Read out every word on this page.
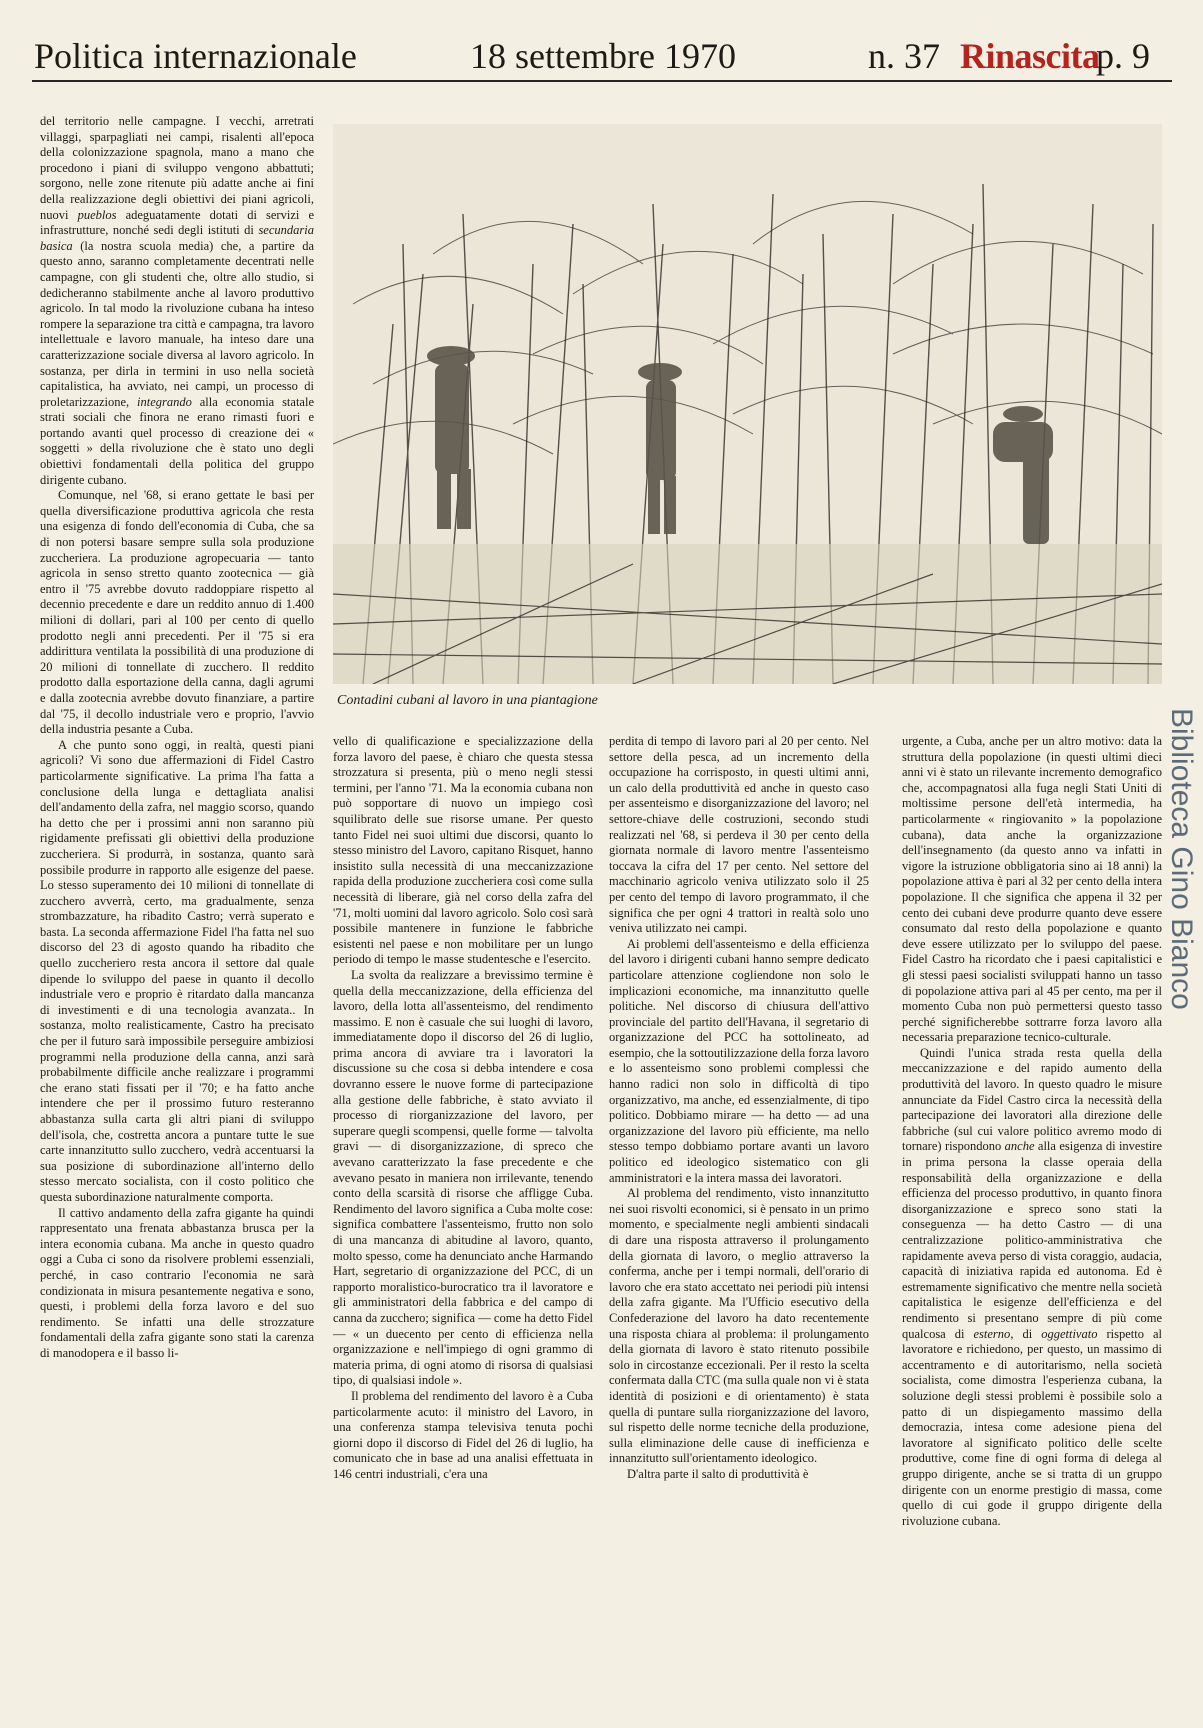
Politica internazionale	18 settembre 1970	n. 37 Rinascita
p. 9

del territorio nelle campagne. I vecchi, arretrati villaggi, sparpagliati nei campi, risalenti all'epoca della colonizzazione spagnola, mano a mano che procedono i piani di sviluppo vengono abbattuti; sorgono, nelle zone ritenute più adatte anche ai fini della realizzazione degli obiettivi dei piani agricoli, nuovi pueblos adeguatamente dotati di servizi e infrastrutture, nonché sedi degli istituti di secundaria basica (la nostra scuola media) che, a partire da questo anno, saranno completamente decentrati nelle campagne, con gli studenti che, oltre allo studio, si dedicheranno stabilmente anche al lavoro produttivo agricolo. In tal modo la rivoluzione cubana ha inteso rompere la separazione tra città e campagna, tra lavoro intellettuale e lavoro manuale, ha inteso dare una caratterizzazione sociale diversa al lavoro agricolo. In sostanza, per dirla in termini in uso nella società capitalistica, ha avviato, nei campi, un processo di proletarizzazione, integrando alla economia statale strati sociali che finora ne erano rimasti fuori e portando avanti quel processo di creazione dei « soggetti » della rivoluzione che è stato uno degli obiettivi fondamentali della politica del gruppo dirigente cubano.

Comunque, nel '68, si erano gettate le basi per quella diversificazione produttiva agricola che resta una esigenza di fondo dell'economia di Cuba, che sa di non potersi basare sempre sulla sola produzione zuccheriera. La produzione agropecuaria — tanto agricola in senso stretto quanto zootecnica — già entro il '75 avrebbe dovuto raddoppiare rispetto al decennio precedente e dare un reddito annuo di 1.400 milioni di dollari, pari al 100 per cento di quello prodotto negli anni precedenti. Per il '75 si era addirittura ventilata la possibilità di una produzione di 20 milioni di tonnellate di zucchero. Il reddito prodotto dalla esportazione della canna, dagli agrumi e dalla zootecnia avrebbe dovuto finanziare, a partire dal '75, il decollo industriale vero e proprio, l'avvio della industria pesante a Cuba.

A che punto sono oggi, in realtà, questi piani agricoli? Vi sono due affermazioni di Fidel Castro particolarmente significative. La prima l'ha fatta a conclusione della lunga e dettagliata analisi dell'andamento della zafra, nel maggio scorso, quando ha detto che per i prossimi anni non saranno più rigidamente prefissati gli obiettivi della produzione zuccheriera. Si produrrà, in sostanza, quanto sarà possibile produrre in rapporto alle esigenze del paese. Lo stesso superamento dei 10 milioni di tonnellate di zucchero avverrà, certo, ma gradualmente, senza strombazzature, ha ribadito Castro; verrà superato e basta. La seconda affermazione Fidel l'ha fatta nel suo discorso del 23 di agosto quando ha ribadito che quello zuccheriero resta ancora il settore dal quale dipende lo sviluppo del paese in quanto il decollo industriale vero e proprio è ritardato dalla mancanza di investimenti e di una tecnologia avanzata.. In sostanza, molto realisticamente, Castro ha precisato che per il futuro sarà impossibile perseguire ambiziosi programmi nella produzione della canna, anzi sarà probabilmente difficile anche realizzare i programmi che erano stati fissati per il '70; e ha fatto anche intendere che per il prossimo futuro resteranno abbastanza sulla carta gli altri piani di sviluppo dell'isola, che, costretta ancora a puntare tutte le sue carte innanzitutto sullo zucchero, vedrà accentuarsi la sua posizione di subordinazione all'interno dello stesso mercato socialista, con il costo politico che questa subordinazione naturalmente comporta.

Il cattivo andamento della zafra gigante ha quindi rappresentato una frenata abbastanza brusca per la intera economia cubana. Ma anche in questo quadro oggi a Cuba ci sono da risolvere problemi essenziali, perché, in caso contrario l'economia ne sarà condizionata in misura pesantemente negativa e sono, questi, i problemi della forza lavoro e del suo rendimento. Se infatti una delle strozzature fondamentali della zafra gigante sono stati la carenza di manodopera e il basso li-

Contadini cubani al lavoro in una piantagione

vello di qualificazione e specializzazione della forza lavoro del paese, è chiaro che questa stessa strozzatura si presenta, più o meno negli stessi termini, per l'anno '71. Ma la economia cubana non può sopportare di nuovo un impiego così squilibrato delle sue risorse umane. Per questo tanto Fidel nei suoi ultimi due discorsi, quanto lo stesso ministro del Lavoro, capitano Risquet, hanno insistito sulla necessità di una meccanizzazione rapida della produzione zuccheriera così come sulla necessità di liberare, già nel corso della zafra del '71, molti uomini dal lavoro agricolo. Solo così sarà possibile mantenere in funzione le fabbriche esistenti nel paese e non mobilitare per un lungo periodo di tempo le masse studentesche e l'esercito.

La svolta da realizzare a brevissimo termine è quella della meccanizzazione, della efficienza del lavoro, della lotta all'assenteismo, del rendimento massimo. E non è casuale che sui luoghi di lavoro, immediatamente dopo il discorso del 26 di luglio, prima ancora di avviare tra i lavoratori la discussione su che cosa si debba intendere e cosa dovranno essere le nuove forme di partecipazione alla gestione delle fabbriche, è stato avviato il processo di riorganizzazione del lavoro, per superare quegli scompensi, quelle forme — talvolta gravi — di disorganizzazione, di spreco che avevano caratterizzato la fase precedente e che avevano pesato in maniera non irrilevante, tenendo conto della scarsità di risorse che affligge Cuba. Rendimento del lavoro significa a Cuba molte cose: significa combattere l'assenteismo, frutto non solo di una mancanza di abitudine al lavoro, quanto, molto spesso, come ha denunciato anche Harmando Hart, segretario di organizzazione del PCC, di un rapporto moralistico-burocratico tra il lavoratore e gli amministratori della fabbrica e del campo di canna da zucchero; significa — come ha detto Fidel — « un duecento per cento di efficienza nella organizzazione e nell'impiego di ogni grammo di materia prima, di ogni atomo di risorsa di qualsiasi tipo, di qualsiasi indole ».

Il problema del rendimento del lavoro è a Cuba particolarmente acuto: il ministro del Lavoro, in una conferenza stampa televisiva tenuta pochi giorni dopo il discorso di Fidel del 26 di luglio, ha comunicato che in base ad una analisi effettuata in 146 centri industriali, c'era una

perdita di tempo di lavoro pari al 20 per cento. Nel settore della pesca, ad un incremento della occupazione ha corrisposto, in questi ultimi anni, un calo della produttività ed anche in questo caso per assenteismo e disorganizzazione del lavoro; nel settore-chiave delle costruzioni, secondo studi realizzati nel '68, si perdeva il 30 per cento della giornata normale di lavoro mentre l'assenteismo toccava la cifra del 17 per cento. Nel settore del macchinario agricolo veniva utilizzato solo il 25 per cento del tempo di lavoro programmato, il che significa che per ogni 4 trattori in realtà solo uno veniva utilizzato nei campi.

Ai problemi dell'assenteismo e della efficienza del lavoro i dirigenti cubani hanno sempre dedicato particolare attenzione cogliendone non solo le implicazioni economiche, ma innanzitutto quelle politiche. Nel discorso di chiusura dell'attivo provinciale del partito dell'Havana, il segretario di organizzazione del PCC ha sottolineato, ad esempio, che la sottoutilizzazione della forza lavoro e lo assenteismo sono problemi complessi che hanno radici non solo in difficoltà di tipo organizzativo, ma anche, ed essenzialmente, di tipo politico. Dobbiamo mirare — ha detto — ad una organizzazione del lavoro più efficiente, ma nello stesso tempo dobbiamo portare avanti un lavoro politico ed ideologico sistematico con gli amministratori e la intera massa dei lavoratori.

Al problema del rendimento, visto innanzitutto nei suoi risvolti economici, si è pensato in un primo momento, e specialmente negli ambienti sindacali di dare una risposta attraverso il prolungamento della giornata di lavoro, o meglio attraverso la conferma, anche per i tempi normali, dell'orario di lavoro che era stato accettato nei periodi più intensi della zafra gigante. Ma l'Ufficio esecutivo della Confederazione del lavoro ha dato recentemente una risposta chiara al problema: il prolungamento della giornata di lavoro è stato ritenuto possibile solo in circostanze eccezionali. Per il resto la scelta confermata dalla CTC (ma sulla quale non vi è stata identità di posizioni e di orientamento) è stata quella di puntare sulla riorganizzazione del lavoro, sul rispetto delle norme tecniche della produzione, sulla eliminazione delle cause di inefficienza e innanzitutto sull'orientamento ideologico.

D'altra parte il salto di produttività è

urgente, a Cuba, anche per un altro motivo: data la struttura della popolazione (in questi ultimi dieci anni vi è stato un rilevante incremento demografico che, accompagnatosi alla fuga negli Stati Uniti di moltissime persone dell'età intermedia, ha particolarmente « ringiovanito » la popolazione cubana), data anche la organizzazione dell'insegnamento (da questo anno va infatti in vigore la istruzione obbligatoria sino ai 18 anni) la popolazione attiva è pari al 32 per cento della intera popolazione. Il che significa che appena il 32 per cento dei cubani deve produrre quanto deve essere consumato dal resto della popolazione e quanto deve essere utilizzato per lo sviluppo del paese. Fidel Castro ha ricordato che i paesi capitalistici e gli stessi paesi socialisti sviluppati hanno un tasso di popolazione attiva pari al 45 per cento, ma per il momento Cuba non può permettersi questo tasso perché significherebbe sottrarre forza lavoro alla necessaria preparazione tecnico-culturale.

Quindi l'unica strada resta quella della meccanizzazione e del rapido aumento della produttività del lavoro. In questo quadro le misure annunciate da Fidel Castro circa la necessità della partecipazione dei lavoratori alla direzione delle fabbriche (sul cui valore politico avremo modo di tornare) rispondono anche alla esigenza di investire in prima persona la classe operaia della responsabilità della organizzazione e della efficienza del processo produttivo, in quanto finora disorganizzazione e spreco sono stati la conseguenza — ha detto Castro — di una centralizzazione politico-amministrativa che rapidamente aveva perso di vista coraggio, audacia, capacità di iniziativa rapida ed autonoma. Ed è estremamente significativo che mentre nella società capitalistica le esigenze dell'efficienza e del rendimento si presentano sempre di più come qualcosa di esterno, di oggettivato rispetto al lavoratore e richiedono, per questo, un massimo di accentramento e di autoritarismo, nella società socialista, come dimostra l'esperienza cubana, la soluzione degli stessi problemi è possibile solo a patto di un dispiegamento massimo della democrazia, intesa come adesione piena del lavoratore al significato politico delle scelte produttive, come fine di ogni forma di delega al gruppo dirigente, anche se si tratta di un gruppo dirigente con un enorme prestigio di massa, come quello di cui gode il gruppo dirigente della rivoluzione cubana.

Biblioteca Gino Bianco
